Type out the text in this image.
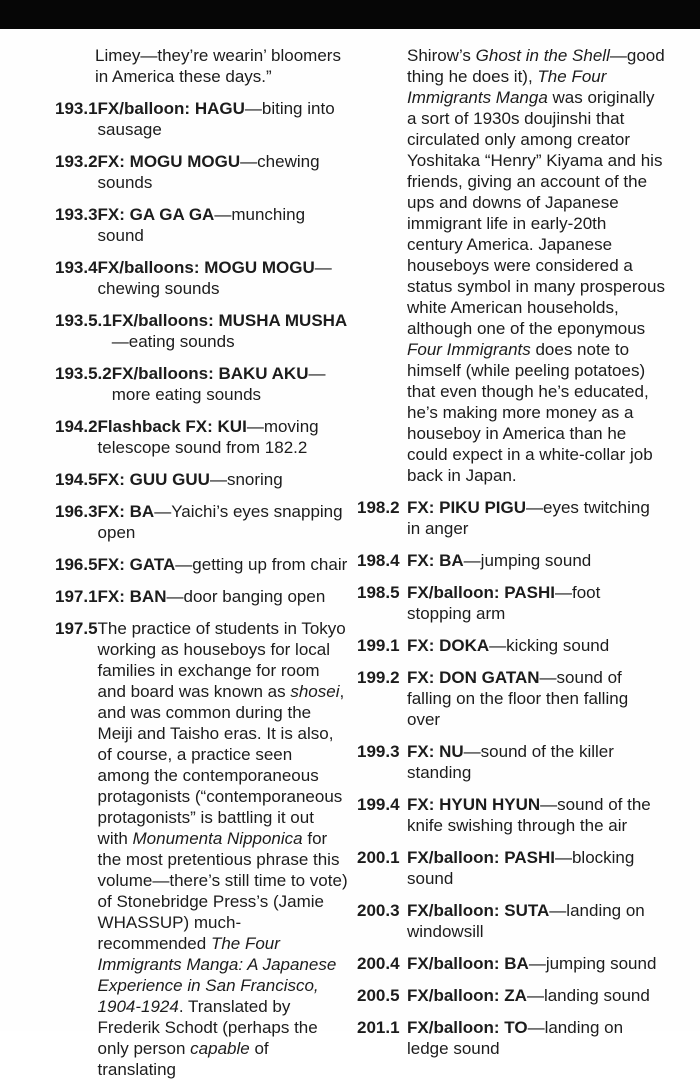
Limey—they’re wearin’ bloomers in America these days.”

193.1 FX/balloon: HAGU—biting into sausage
193.2 FX: MOGU MOGU—chewing sounds
193.3 FX: GA GA GA—munching sound
193.4 FX/balloons: MOGU MOGU—chewing sounds
193.5.1 FX/balloons: MUSHA MUSHA—eating sounds
193.5.2 FX/balloons: BAKU AKU—more eating sounds
194.2 Flashback FX: KUI—moving telescope sound from 182.2
194.5 FX: GUU GUU—snoring
196.3 FX: BA—Yaichi’s eyes snapping open
196.5 FX: GATA—getting up from chair
197.1 FX: BAN—door banging open
197.5 The practice of students in Tokyo working as houseboys for local families in exchange for room and board was known as shosei, and was common during the Meiji and Taisho eras. It is also, of course, a practice seen among the contemporaneous protagonists (“contemporaneous protagonists” is battling it out with Monumenta Nipponica for the most pretentious phrase this volume—there’s still time to vote) of Stonebridge Press’s (Jamie WHASSUP) much-recommended The Four Immigrants Manga: A Japanese Experience in San Francisco, 1904-1924. Translated by Frederik Schodt (perhaps the only person capable of translating

Shirow’s Ghost in the Shell—good thing he does it), The Four Immigrants Manga was originally a sort of 1930s doujinshi that circulated only among creator Yoshitaka “Henry” Kiyama and his friends, giving an account of the ups and downs of Japanese immigrant life in early-20th century America. Japanese houseboys were considered a status symbol in many prosperous white American households, although one of the eponymous Four Immigrants does note to himself (while peeling potatoes) that even though he’s educated, he’s making more money as a houseboy in America than he could expect in a white-collar job back in Japan.

198.2 FX: PIKU PIGU—eyes twitching in anger
198.4 FX: BA—jumping sound
198.5 FX/balloon: PASHI—foot stopping arm
199.1 FX: DOKA—kicking sound
199.2 FX: DON GATAN—sound of falling on the floor then falling over
199.3 FX: NU—sound of the killer standing
199.4 FX: HYUN HYUN—sound of the knife swishing through the air
200.1 FX/balloon: PASHI—blocking sound
200.3 FX/balloon: SUTA—landing on windowsill
200.4 FX/balloon: BA—jumping sound
200.5 FX/balloon: ZA—landing sound
201.1 FX/balloon: TO—landing on ledge sound
